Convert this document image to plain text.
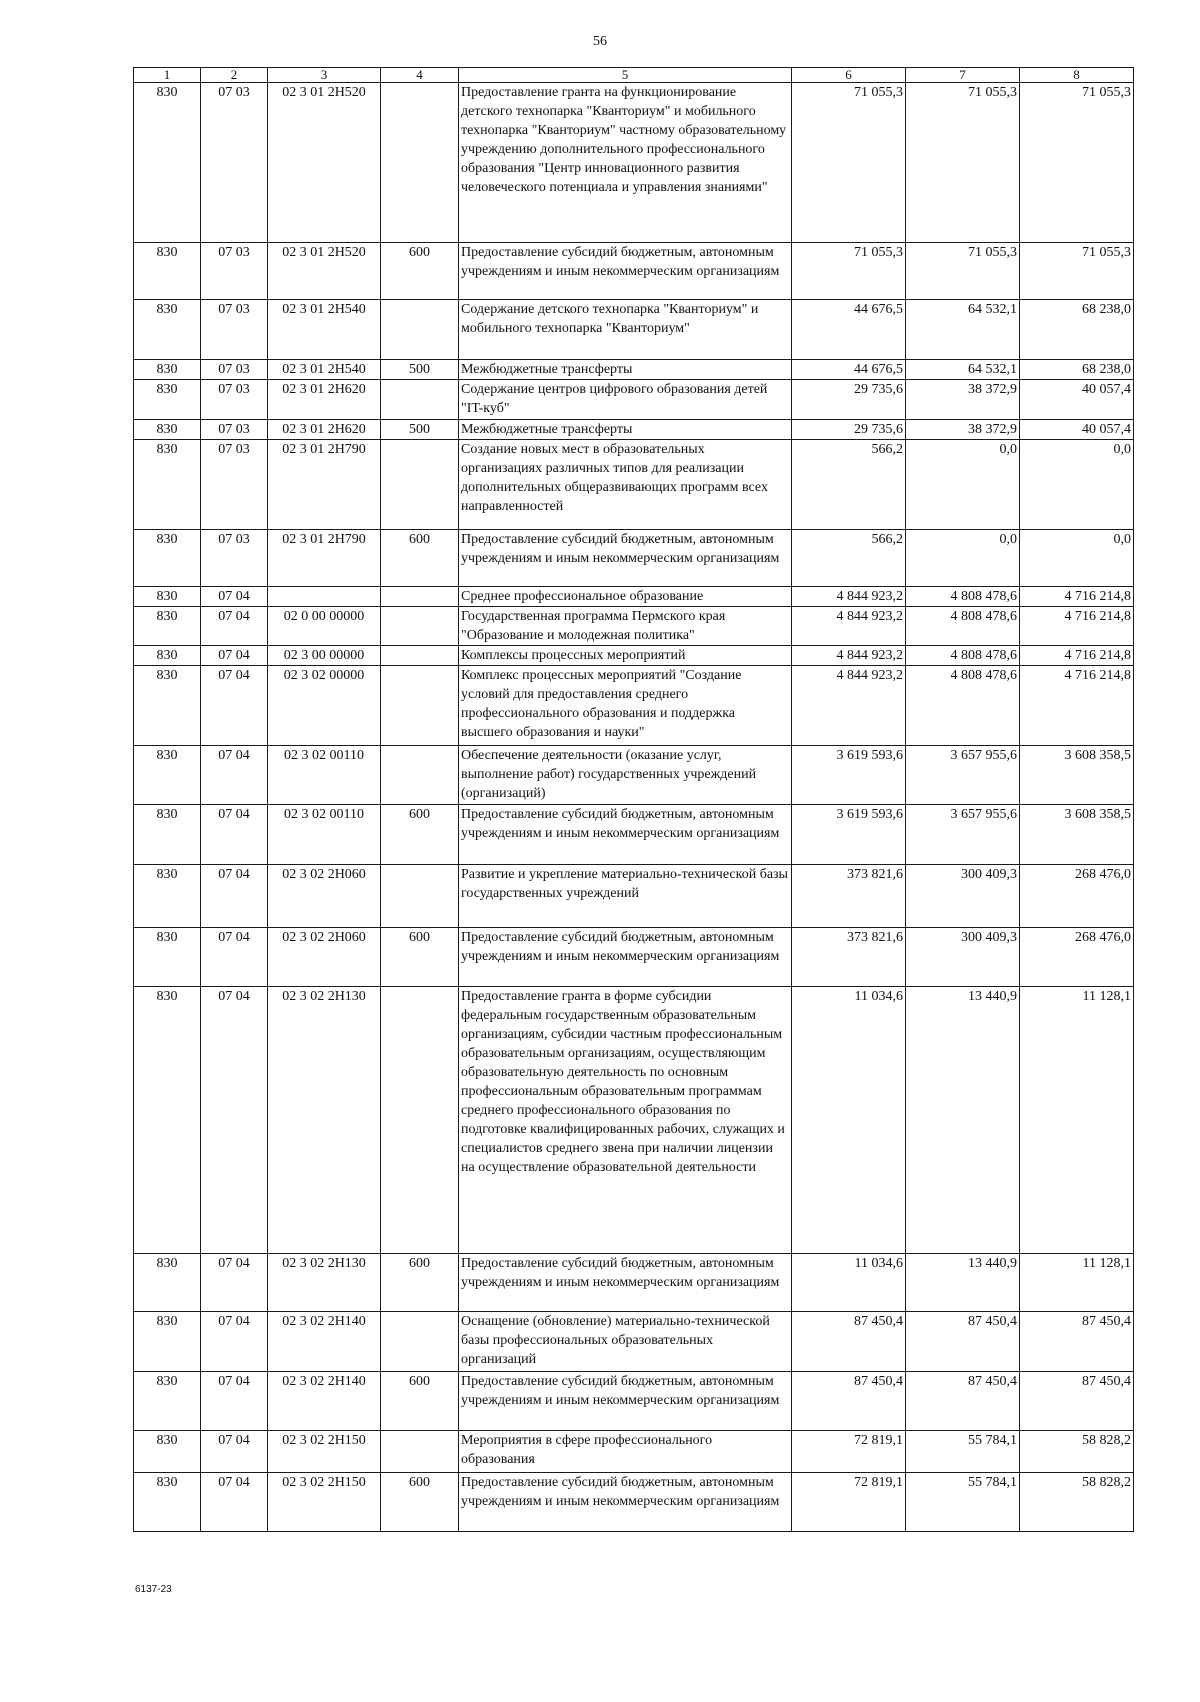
56
1	2	3	4	5	6	7	8
830	07 03	02 3 01 2Н520		Предоставление гранта на функционирование детского технопарка "Кванториум" и мобильного технопарка "Кванториум" частному образовательному учреждению дополнительного профессионального образования "Центр инновационного развития человеческого потенциала и управления знаниями"	71 055,3	71 055,3	71 055,3
830	07 03	02 3 01 2Н520	600	Предоставление субсидий бюджетным, автономным учреждениям и иным некоммерческим организациям	71 055,3	71 055,3	71 055,3
830	07 03	02 3 01 2Н540		Содержание детского технопарка "Кванториум" и мобильного технопарка "Кванториум"	44 676,5	64 532,1	68 238,0
830	07 03	02 3 01 2Н540	500	Межбюджетные трансферты	44 676,5	64 532,1	68 238,0
830	07 03	02 3 01 2Н620		Содержание центров цифрового образования детей "IT-куб"	29 735,6	38 372,9	40 057,4
830	07 03	02 3 01 2Н620	500	Межбюджетные трансферты	29 735,6	38 372,9	40 057,4
830	07 03	02 3 01 2Н790		Создание новых мест в образовательных организациях различных типов для реализации дополнительных общеразвивающих программ всех направленностей	566,2	0,0	0,0
830	07 03	02 3 01 2Н790	600	Предоставление субсидий бюджетным, автономным учреждениям и иным некоммерческим организациям	566,2	0,0	0,0
830	07 04			Среднее профессиональное образование	4 844 923,2	4 808 478,6	4 716 214,8
830	07 04	02 0 00 00000		Государственная программа Пермского края "Образование и молодежная политика"	4 844 923,2	4 808 478,6	4 716 214,8
830	07 04	02 3 00 00000		Комплексы процессных мероприятий	4 844 923,2	4 808 478,6	4 716 214,8
830	07 04	02 3 02 00000		Комплекс процессных мероприятий "Создание условий для предоставления среднего профессионального образования и поддержка высшего образования и науки"	4 844 923,2	4 808 478,6	4 716 214,8
830	07 04	02 3 02 00110		Обеспечение деятельности (оказание услуг, выполнение работ) государственных учреждений (организаций)	3 619 593,6	3 657 955,6	3 608 358,5
830	07 04	02 3 02 00110	600	Предоставление субсидий бюджетным, автономным учреждениям и иным некоммерческим организациям	3 619 593,6	3 657 955,6	3 608 358,5
830	07 04	02 3 02 2Н060		Развитие и укрепление материально-технической базы государственных учреждений	373 821,6	300 409,3	268 476,0
830	07 04	02 3 02 2Н060	600	Предоставление субсидий бюджетным, автономным учреждениям и иным некоммерческим организациям	373 821,6	300 409,3	268 476,0
830	07 04	02 3 02 2Н130		Предоставление гранта в форме субсидии федеральным государственным образовательным организациям, субсидии частным профессиональным образовательным организациям, осуществляющим образовательную деятельность по основным профессиональным образовательным программам среднего профессионального образования по подготовке квалифицированных рабочих, служащих и специалистов среднего звена при наличии лицензии на осуществление образовательной деятельности	11 034,6	13 440,9	11 128,1
830	07 04	02 3 02 2Н130	600	Предоставление субсидий бюджетным, автономным учреждениям и иным некоммерческим организациям	11 034,6	13 440,9	11 128,1
830	07 04	02 3 02 2Н140		Оснащение (обновление) материально-технической базы профессиональных образовательных организаций	87 450,4	87 450,4	87 450,4
830	07 04	02 3 02 2Н140	600	Предоставление субсидий бюджетным, автономным учреждениям и иным некоммерческим организациям	87 450,4	87 450,4	87 450,4
830	07 04	02 3 02 2Н150		Мероприятия в сфере профессионального образования	72 819,1	55 784,1	58 828,2
830	07 04	02 3 02 2Н150	600	Предоставление субсидий бюджетным, автономным учреждениям и иным некоммерческим организациям	72 819,1	55 784,1	58 828,2
6137-23
